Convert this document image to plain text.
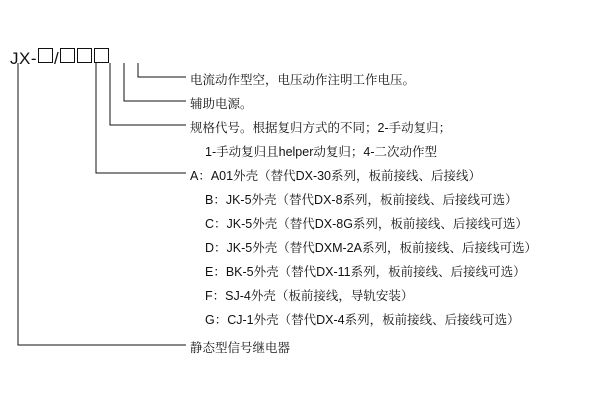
JX- /
电流动作型空，电压动作注明工作电压。
辅助电源。
规格代号。根据复归方式的不同；2-手动复归；
1-手动复归且helper动复归；4-二次动作型
A：A01外壳（替代DX-30系列，板前接线、后接线）
B：JK-5外壳（替代DX-8系列，板前接线、后接线可选）
C：JK-5外壳（替代DX-8G系列，板前接线、后接线可选）
D：JK-5外壳（替代DXM-2A系列，板前接线、后接线可选）
E：BK-5外壳（替代DX-11系列，板前接线、后接线可选）
F：SJ-4外壳（板前接线，导轨安装）
G：CJ-1外壳（替代DX-4系列，板前接线、后接线可选）
静态型信号继电器
